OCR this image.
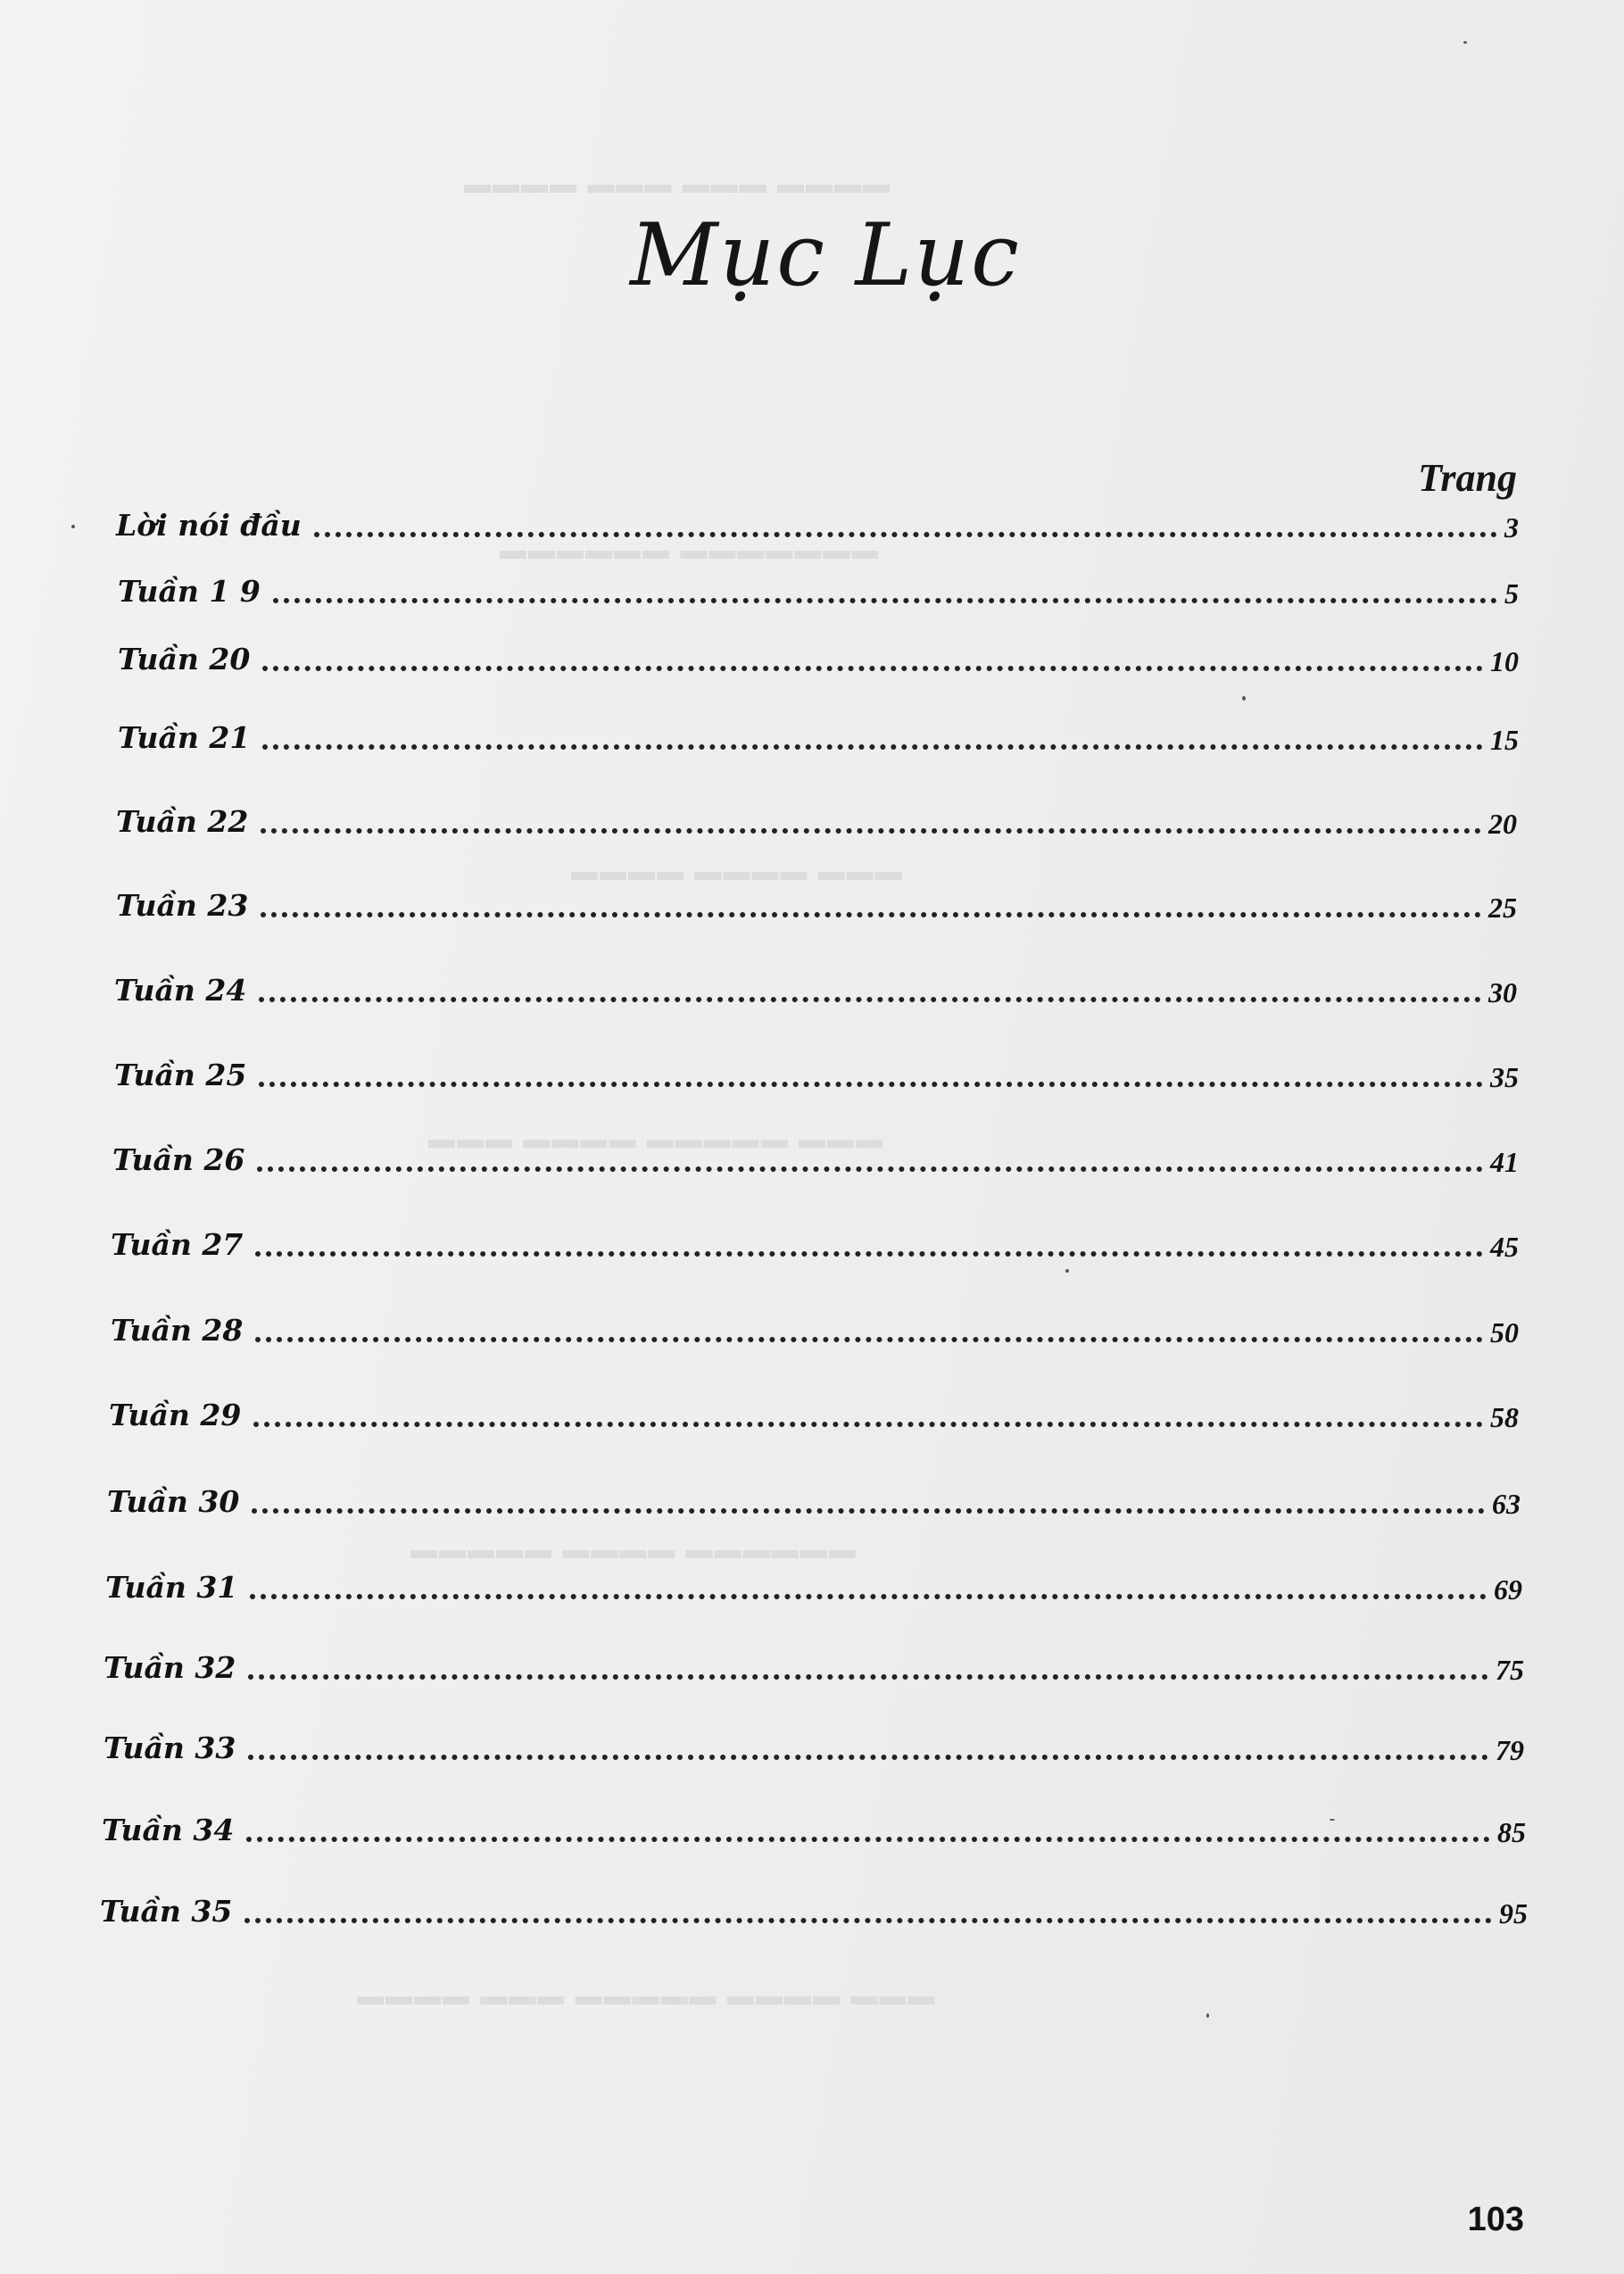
▬▬▬▬ ▬▬▬ ▬▬▬ ▬▬▬▬
▬▬▬▬▬▬ ▬▬▬▬▬▬▬
▬▬▬▬ ▬▬▬▬ ▬▬▬
▬▬▬ ▬▬▬▬ ▬▬▬▬▬ ▬▬▬
▬▬▬▬▬ ▬▬▬▬ ▬▬▬▬▬▬
▬▬▬▬ ▬▬▬ ▬▬▬▬▬ ▬▬▬▬ ▬▬▬
Mục Lục
Trang
Lời nói đầu	3
Tuần 1 9	5
Tuần 20	10
Tuần 21	15
Tuần 22	20
Tuần 23	25
Tuần 24	30
Tuần 25	35
Tuần 26	41
Tuần 27	45
Tuần 28	50
Tuần 29	58
Tuần 30	63
Tuần 31	69
Tuần 32	75
Tuần 33	79
Tuần 34	85
Tuần 35	95
103
